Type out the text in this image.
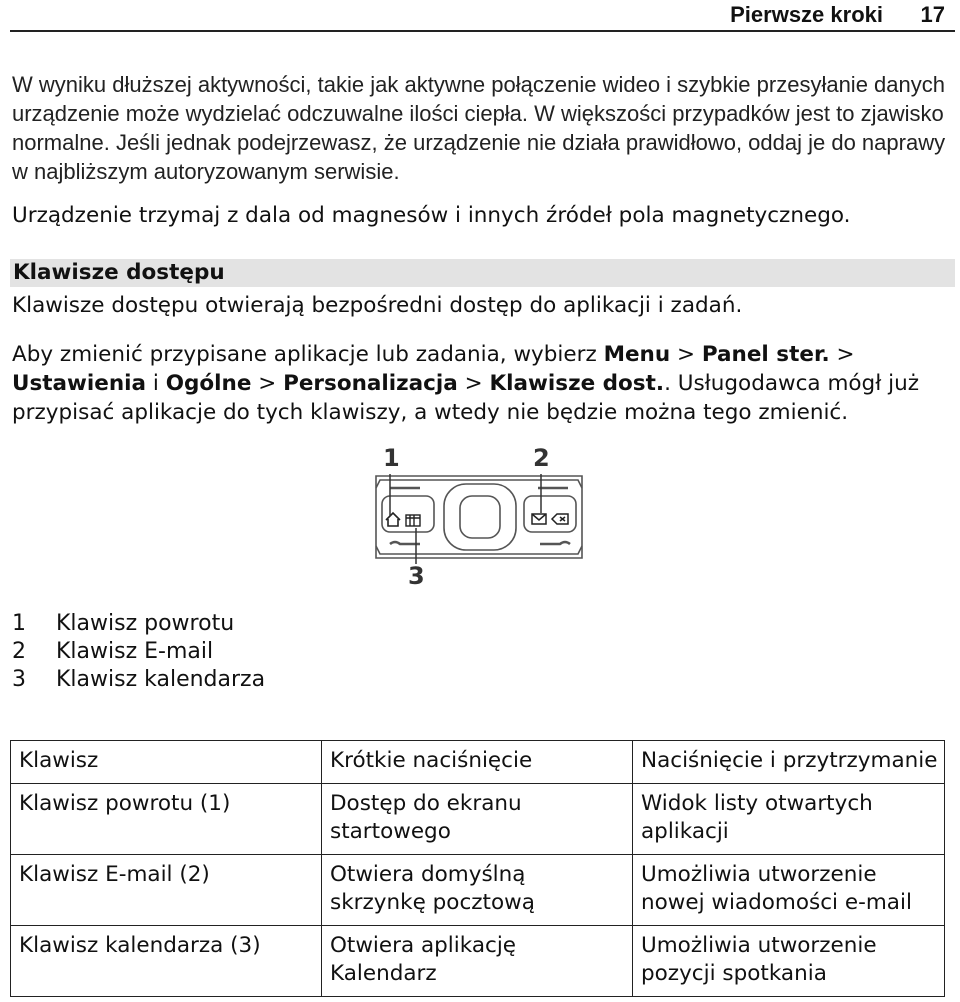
Pierwsze kroki 17

W wyniku dłuższej aktywności, takie jak aktywne połączenie wideo i szybkie przesyłanie danych urządzenie może wydzielać odczuwalne ilości ciepła. W większości przypadków jest to zjawisko normalne. Jeśli jednak podejrzewasz, że urządzenie nie działa prawidłowo, oddaj je do naprawy w najbliższym autoryzowanym serwisie.

Urządzenie trzymaj z dala od magnesów i innych źródeł pola magnetycznego.

Klawisze dostępu

Klawisze dostępu otwierają bezpośredni dostęp do aplikacji i zadań.

Aby zmienić przypisane aplikacje lub zadania, wybierz Menu > Panel ster. > Ustawienia i Ogólne > Personalizacja > Klawisze dost.. Usługodawca mógł już przypisać aplikacje do tych klawiszy, a wtedy nie będzie można tego zmienić.

1	2
3
1	Klawisz powrotu
2	Klawisz E-mail
3	Klawisz kalendarza
Klawisz	Krótkie naciśnięcie	Naciśnięcie i przytrzymanie
Klawisz powrotu (1)	Dostęp do ekranu startowego	Widok listy otwartych aplikacji
Klawisz E-mail (2)	Otwiera domyślną skrzynkę pocztową	Umożliwia utworzenie nowej wiadomości e-mail
Klawisz kalendarza (3)	Otwiera aplikację Kalendarz	Umożliwia utworzenie pozycji spotkania
